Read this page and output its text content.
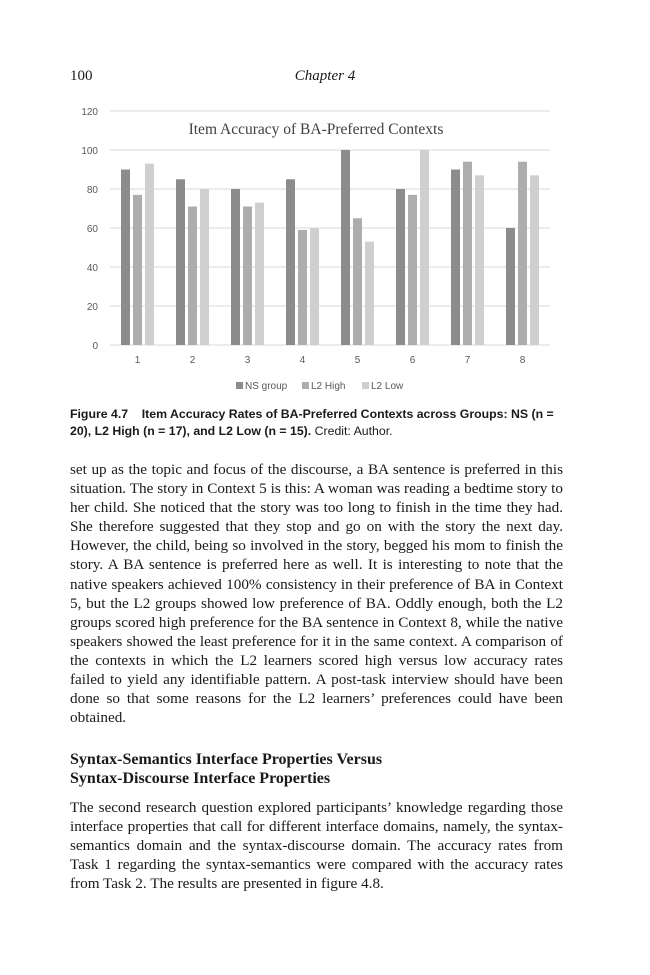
100	Chapter 4
Item Accuracy of BA-Preferred Contexts
0
20
40
60
80
100
120
1	2	3	4	5	6	7	8
NS group L2 High	L2 Low
Figure 4.7 Item Accuracy Rates of BA-Preferred Contexts across Groups: NS (n = 20), L2 High (n = 17), and L2 Low (n = 15). Credit: Author.

set up as the topic and focus of the discourse, a BA sentence is preferred in this situation. The story in Context 5 is this: A woman was reading a bedtime story to her child. She noticed that the story was too long to finish in the time they had. She therefore suggested that they stop and go on with the story the next day. However, the child, being so involved in the story, begged his mom to finish the story. A BA sentence is preferred here as well. It is interesting to note that the native speakers achieved 100% consistency in their preference of BA in Context 5, but the L2 groups showed low preference of BA. Oddly enough, both the L2 groups scored high preference for the BA sentence in Context 8, while the native speakers showed the least preference for it in the same context. A comparison of the contexts in which the L2 learners scored high versus low accuracy rates failed to yield any identifiable pattern. A post-task interview should have been done so that some reasons for the L2 learners’ preferences could have been obtained.

Syntax-Semantics Interface Properties Versus
Syntax-Discourse Interface Properties

The second research question explored participants’ knowledge regarding those interface properties that call for different interface domains, namely, the syntax-semantics domain and the syntax-discourse domain. The accuracy rates from Task 1 regarding the syntax-semantics were compared with the accuracy rates from Task 2. The results are presented in figure 4.8.
